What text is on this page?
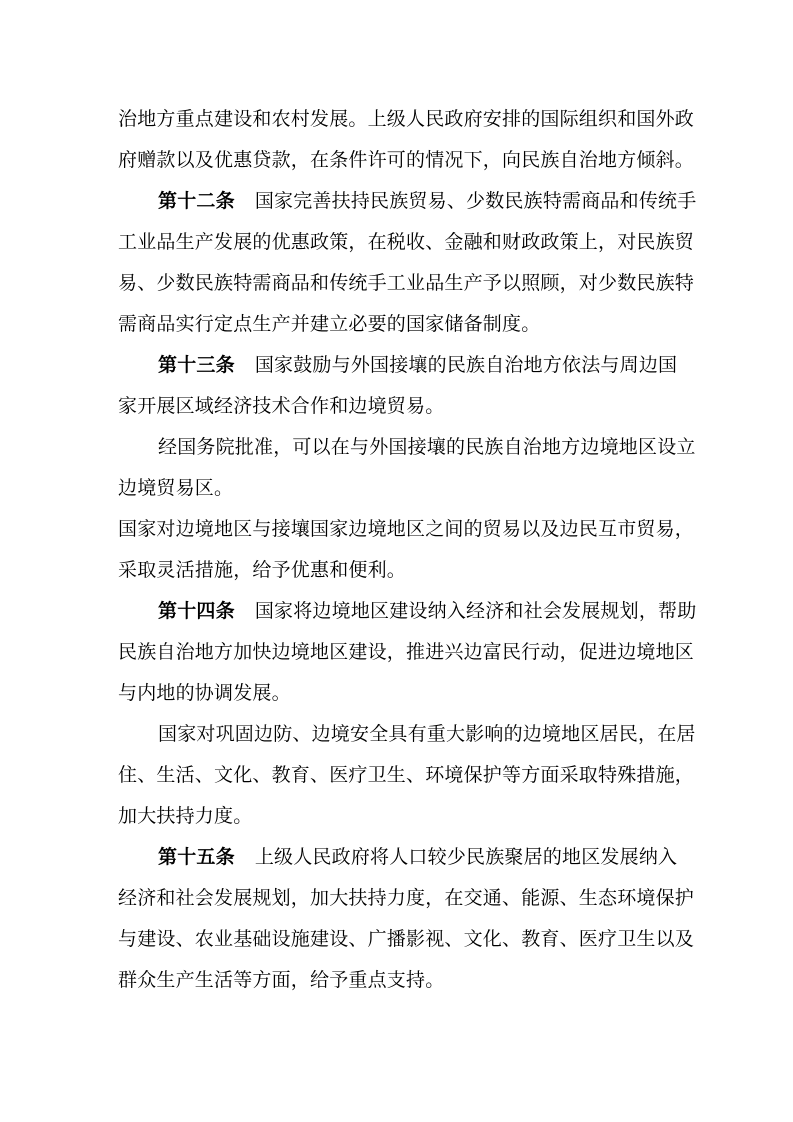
治地方重点建设和农村发展。上级人民政府安排的国际组织和国外政
府赠款以及优惠贷款，在条件许可的情况下，向民族自治地方倾斜。
第十二条 国家完善扶持民族贸易、少数民族特需商品和传统手
工业品生产发展的优惠政策，在税收、金融和财政政策上，对民族贸
易、少数民族特需商品和传统手工业品生产予以照顾，对少数民族特
需商品实行定点生产并建立必要的国家储备制度。
第十三条 国家鼓励与外国接壤的民族自治地方依法与周边国
家开展区域经济技术合作和边境贸易。
经国务院批准，可以在与外国接壤的民族自治地方边境地区设立
边境贸易区。
国家对边境地区与接壤国家边境地区之间的贸易以及边民互市贸易，
采取灵活措施，给予优惠和便利。
第十四条 国家将边境地区建设纳入经济和社会发展规划，帮助
民族自治地方加快边境地区建设，推进兴边富民行动，促进边境地区
与内地的协调发展。
国家对巩固边防、边境安全具有重大影响的边境地区居民，在居
住、生活、文化、教育、医疗卫生、环境保护等方面采取特殊措施，
加大扶持力度。
第十五条 上级人民政府将人口较少民族聚居的地区发展纳入
经济和社会发展规划，加大扶持力度，在交通、能源、生态环境保护
与建设、农业基础设施建设、广播影视、文化、教育、医疗卫生以及
群众生产生活等方面，给予重点支持。
